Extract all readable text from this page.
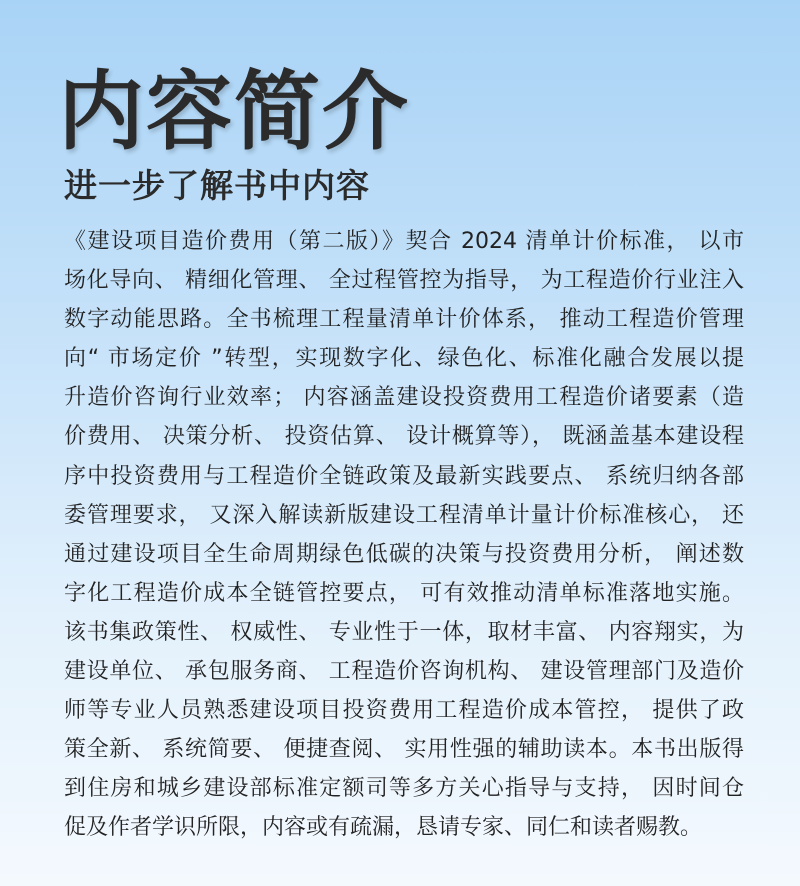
内容简介
进一步了解书中内容
《建设项目造价费用（第二版）》契合 2024 清单计价标准， 以市
场化导向、 精细化管理、 全过程管控为指导， 为工程造价行业注入
数字动能思路。全书梳理工程量清单计价体系， 推动工程造价管理
向“ 市场定价 ”转型，实现数字化、绿色化、标准化融合发展以提
升造价咨询行业效率； 内容涵盖建设投资费用工程造价诸要素（造
价费用、 决策分析、 投资估算、 设计概算等）， 既涵盖基本建设程
序中投资费用与工程造价全链政策及最新实践要点、 系统归纳各部
委管理要求， 又深入解读新版建设工程清单计量计价标准核心， 还
通过建设项目全生命周期绿色低碳的决策与投资费用分析， 阐述数
字化工程造价成本全链管控要点， 可有效推动清单标准落地实施。
该书集政策性、 权威性、 专业性于一体，取材丰富、 内容翔实，为
建设单位、 承包服务商、 工程造价咨询机构、 建设管理部门及造价
师等专业人员熟悉建设项目投资费用工程造价成本管控， 提供了政
策全新、 系统简要、 便捷查阅、 实用性强的辅助读本。本书出版得
到住房和城乡建设部标准定额司等多方关心指导与支持， 因时间仓
促及作者学识所限，内容或有疏漏，恳请专家、同仁和读者赐教。
